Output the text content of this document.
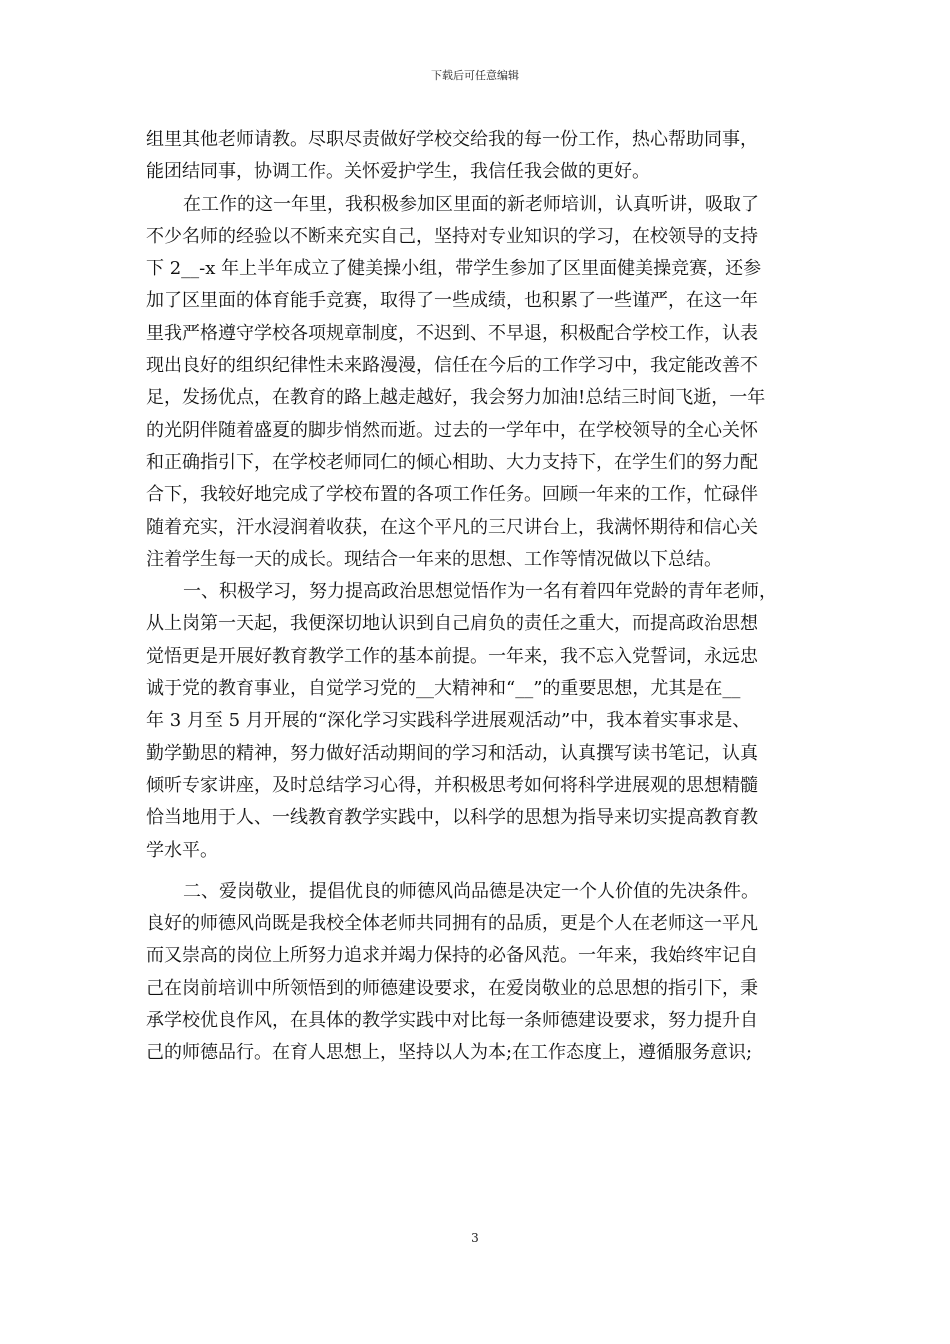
下载后可任意编辑
组里其他老师请教。尽职尽责做好学校交给我的每一份工作，热心帮助同事，
能团结同事，协调工作。关怀爱护学生，我信任我会做的更好。
在工作的这一年里，我积极参加区里面的新老师培训，认真听讲，吸取了
不少名师的经验以不断来充实自己，坚持对专业知识的学习，在校领导的支持
下 2__-x 年上半年成立了健美操小组，带学生参加了区里面健美操竞赛，还参
加了区里面的体育能手竞赛，取得了一些成绩，也积累了一些谨严，在这一年
里我严格遵守学校各项规章制度，不迟到、不早退，积极配合学校工作，认表
现出良好的组织纪律性未来路漫漫，信任在今后的工作学习中，我定能改善不
足，发扬优点，在教育的路上越走越好，我会努力加油!总结三时间飞逝，一年
的光阴伴随着盛夏的脚步悄然而逝。过去的一学年中，在学校领导的全心关怀
和正确指引下，在学校老师同仁的倾心相助、大力支持下，在学生们的努力配
合下，我较好地完成了学校布置的各项工作任务。回顾一年来的工作，忙碌伴
随着充实，汗水浸润着收获，在这个平凡的三尺讲台上，我满怀期待和信心关
注着学生每一天的成长。现结合一年来的思想、工作等情况做以下总结。
一、积极学习，努力提高政治思想觉悟作为一名有着四年党龄的青年老师，
从上岗第一天起，我便深切地认识到自己肩负的责任之重大，而提高政治思想
觉悟更是开展好教育教学工作的基本前提。一年来，我不忘入党誓词，永远忠
诚于党的教育事业，自觉学习党的__大精神和“__”的重要思想，尤其是在__
年 3 月至 5 月开展的“深化学习实践科学进展观活动”中，我本着实事求是、
勤学勤思的精神，努力做好活动期间的学习和活动，认真撰写读书笔记，认真
倾听专家讲座，及时总结学习心得，并积极思考如何将科学进展观的思想精髓
恰当地用于人、一线教育教学实践中，以科学的思想为指导来切实提高教育教
学水平。
二、爱岗敬业，提倡优良的师德风尚品德是决定一个人价值的先决条件。
良好的师德风尚既是我校全体老师共同拥有的品质，更是个人在老师这一平凡
而又崇高的岗位上所努力追求并竭力保持的必备风范。一年来，我始终牢记自
己在岗前培训中所领悟到的师德建设要求，在爱岗敬业的总思想的指引下，秉
承学校优良作风，在具体的教学实践中对比每一条师德建设要求，努力提升自
己的师德品行。在育人思想上，坚持以人为本;在工作态度上，遵循服务意识;
3
